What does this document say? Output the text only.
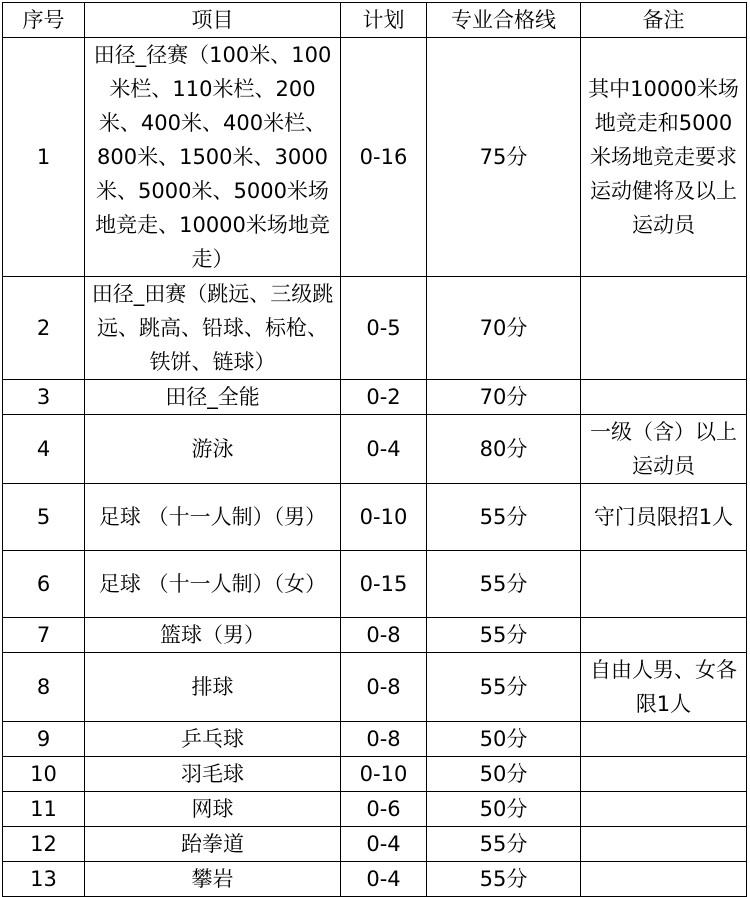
序号	项目	计划	专业合格线	备注
1	田径_径赛（100米、100米栏、110米栏、200米、400米、400米栏、800米、1500米、3000米、5000米、5000米场地竞走、10000米场地竞走）	0-16	75分	其中10000米场地竞走和5000米场地竞走要求运动健将及以上运动员
2	田径_田赛（跳远、三级跳远、跳高、铅球、标枪、铁饼、链球）	0-5	70分	
3	田径_全能	0-2	70分	
4	游泳	0-4	80分	一级（含）以上运动员
5	足球 （十一人制）（男）	0-10	55分	守门员限招1人
6	足球 （十一人制）（女）	0-15	55分	
7	篮球（男）	0-8	55分	
8	排球	0-8	55分	自由人男、女各限1人
9	乒乓球	0-8	50分	
10	羽毛球	0-10	50分	
11	网球	0-6	50分	
12	跆拳道	0-4	55分	
13	攀岩	0-4	55分	
